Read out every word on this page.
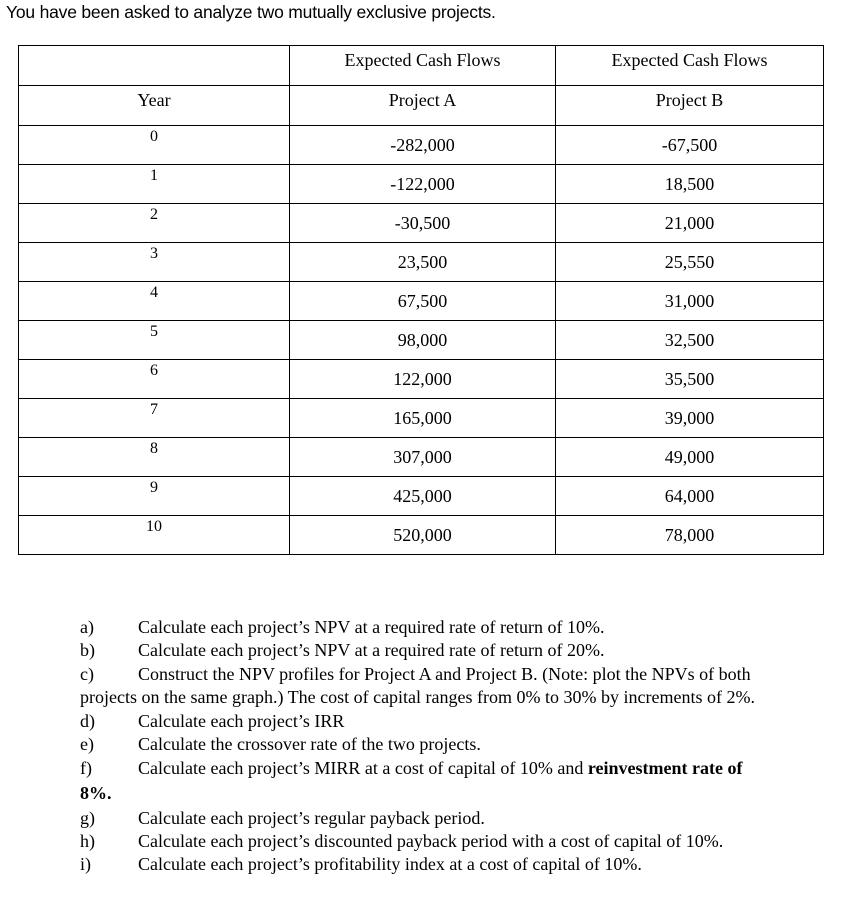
You have been asked to analyze two mutually exclusive projects.

	Expected Cash Flows	Expected Cash Flows

Year	Project A	Project B

0	-282,000	-67,500

1	-122,000	18,500

2	-30,500	21,000

3	23,500	25,550

4	67,500	31,000

5	98,000	32,500

6	122,000	35,500

7	165,000	39,000

8	307,000	49,000

9	425,000	64,000

10	520,000	78,000
a) Calculate each project’s NPV at a required rate of return of 10%.
b) Calculate each project’s NPV at a required rate of return of 20%.
c) Construct the NPV profiles for Project A and Project B. (Note: plot the NPVs of both
projects on the same graph.) The cost of capital ranges from 0% to 30% by increments of 2%.
d) Calculate each project’s IRR
e) Calculate the crossover rate of the two projects.
f)	Calculate each project’s MIRR at a cost of capital of 10% and reinvestment rate of
8%.
g) Calculate each project’s regular payback period.
h) Calculate each project’s discounted payback period with a cost of capital of 10%.
i)	Calculate each project’s profitability index at a cost of capital of 10%.
